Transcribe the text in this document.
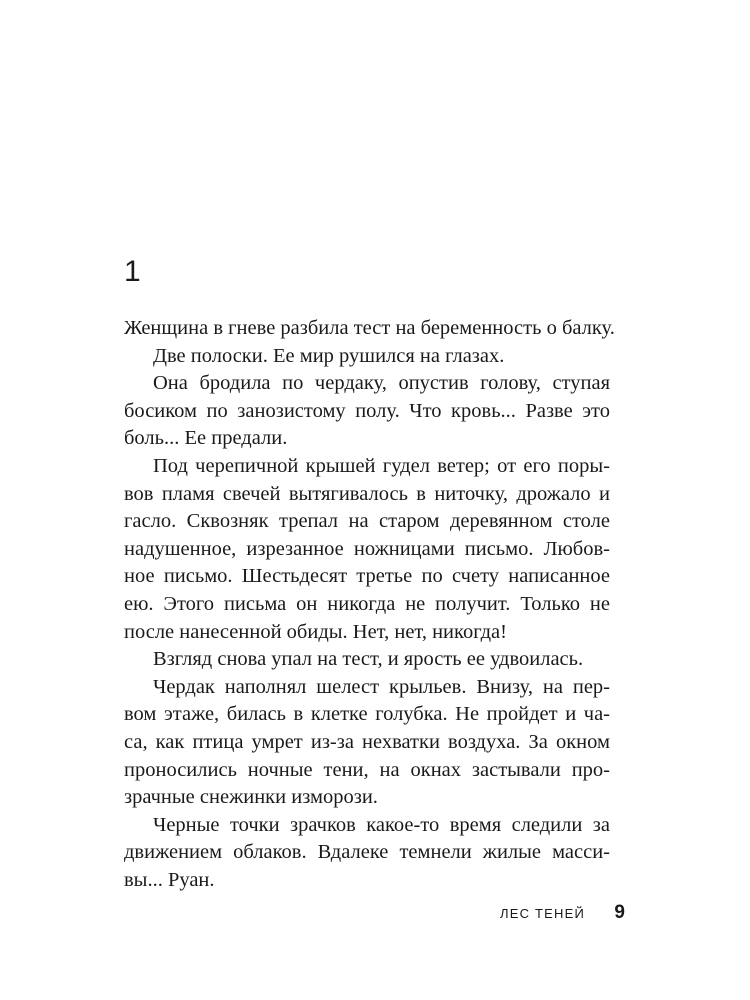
1
Женщина в гневе разбила тест на беременность о балку.
Две полоски. Ее мир рушился на глазах.
Она бродила по чердаку, опустив голову, ступая
босиком по занозистому полу. Что кровь... Разве это
боль... Ее предали.
Под черепичной крышей гудел ветер; от его поры-
вов пламя свечей вытягивалось в ниточку, дрожало и
гасло. Сквозняк трепал на старом деревянном столе
надушенное, изрезанное ножницами письмо. Любов-
ное письмо. Шестьдесят третье по счету написанное
ею. Этого письма он никогда не получит. Только не
после нанесенной обиды. Нет, нет, никогда!
Взгляд снова упал на тест, и ярость ее удвоилась.
Чердак наполнял шелест крыльев. Внизу, на пер-
вом этаже, билась в клетке голубка. Не пройдет и ча-
са, как птица умрет из-за нехватки воздуха. За окном
проносились ночные тени, на окнах застывали про-
зрачные снежинки изморози.
Черные точки зрачков какое-то время следили за
движением облаков. Вдалеке темнели жилые масси-
вы... Руан.
ЛЕС ТЕНЕЙ 9
